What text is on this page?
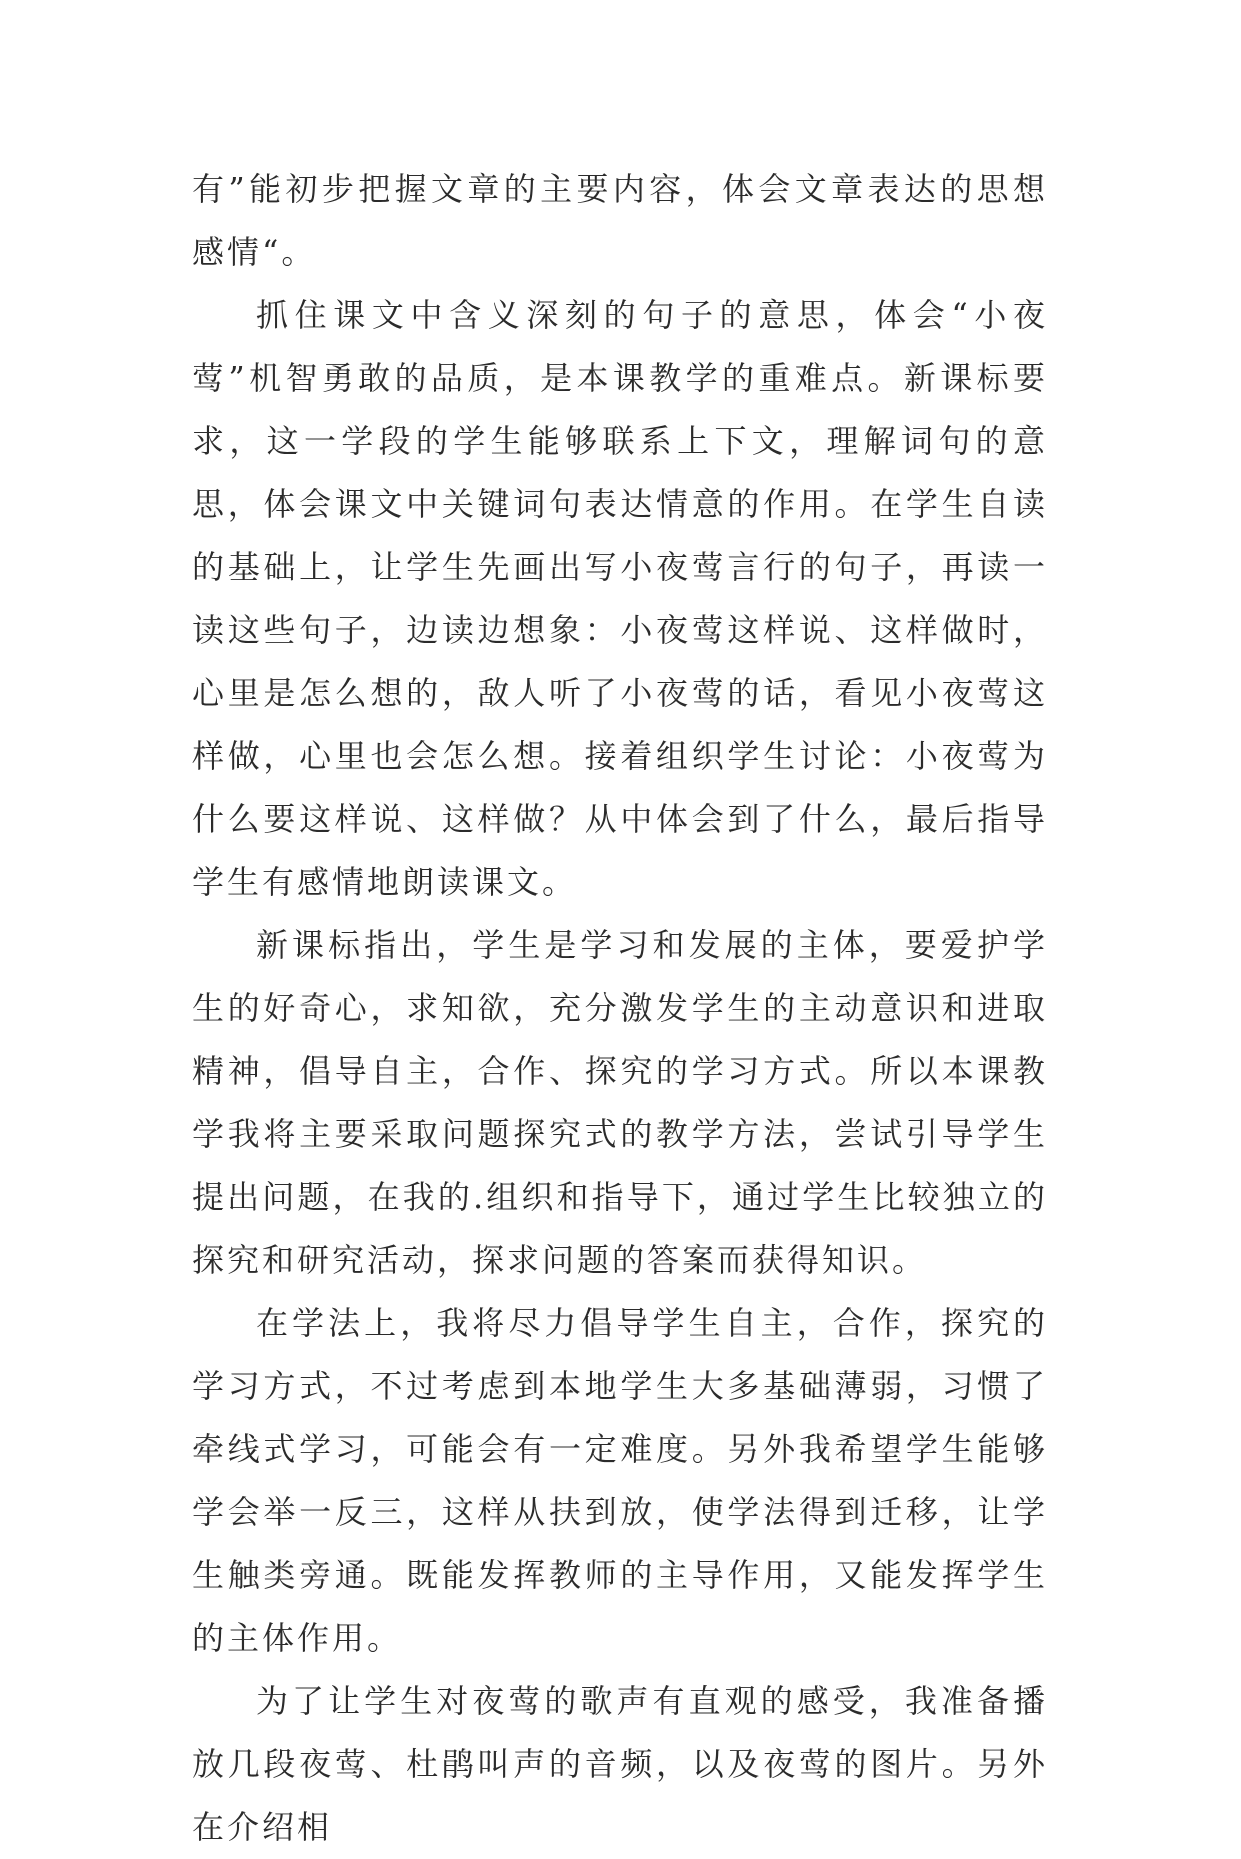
有”能初步把握文章的主要内容，体会文章表达的思想感情“。

抓住课文中含义深刻的句子的意思，体会“小夜莺”机智勇敢的品质，是本课教学的重难点。新课标要求，这一学段的学生能够联系上下文，理解词句的意思，体会课文中关键词句表达情意的作用。在学生自读的基础上，让学生先画出写小夜莺言行的句子，再读一读这些句子，边读边想象：小夜莺这样说、这样做时，心里是怎么想的，敌人听了小夜莺的话，看见小夜莺这样做，心里也会怎么想。接着组织学生讨论：小夜莺为什么要这样说、这样做？从中体会到了什么，最后指导学生有感情地朗读课文。

新课标指出，学生是学习和发展的主体，要爱护学生的好奇心，求知欲，充分激发学生的主动意识和进取精神，倡导自主，合作、探究的学习方式。所以本课教学我将主要采取问题探究式的教学方法，尝试引导学生提出问题，在我的.组织和指导下，通过学生比较独立的探究和研究活动，探求问题的答案而获得知识。

在学法上，我将尽力倡导学生自主，合作，探究的学习方式，不过考虑到本地学生大多基础薄弱，习惯了牵线式学习，可能会有一定难度。另外我希望学生能够学会举一反三，这样从扶到放，使学法得到迁移，让学生触类旁通。既能发挥教师的主导作用，又能发挥学生的主体作用。

为了让学生对夜莺的歌声有直观的感受，我准备播放几段夜莺、杜鹃叫声的音频，以及夜莺的图片。另外在介绍相
